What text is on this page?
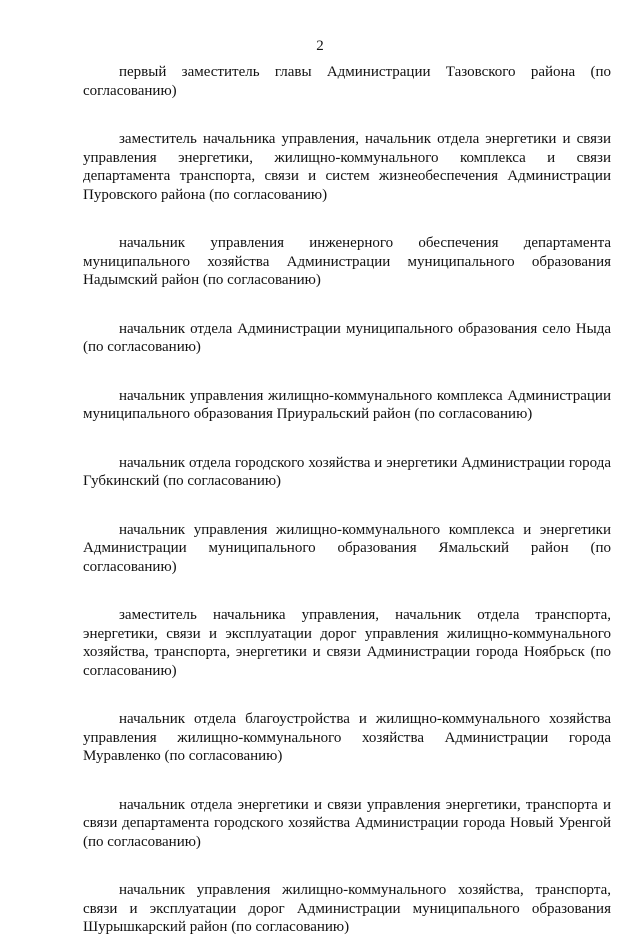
2

первый заместитель главы Администрации Тазовского района (по согласованию)

заместитель начальника управления, начальник отдела энергетики и связи управления энергетики, жилищно-коммунального комплекса и связи департамента транспорта, связи и систем жизнеобеспечения Администрации Пуровского района (по согласованию)

начальник управления инженерного обеспечения департамента муниципального хозяйства Администрации муниципального образования Надымский район (по согласованию)

начальник отдела Администрации муниципального образования село Ныда (по согласованию)

начальник управления жилищно-коммунального комплекса Администрации муниципального образования Приуральский район (по согласованию)

начальник отдела городского хозяйства и энергетики Администрации города Губкинский (по согласованию)

начальник управления жилищно-коммунального комплекса и энергетики Администрации муниципального образования Ямальский район (по согласованию)

заместитель начальника управления, начальник отдела транспорта, энергетики, связи и эксплуатации дорог управления жилищно-коммунального хозяйства, транспорта, энергетики и связи Администрации города Ноябрьск (по согласованию)

начальник отдела благоустройства и жилищно-коммунального хозяйства управления жилищно-коммунального хозяйства Администрации города Муравленко (по согласованию)

начальник отдела энергетики и связи управления энергетики, транспорта и связи департамента городского хозяйства Администрации города Новый Уренгой (по согласованию)

начальник управления жилищно-коммунального хозяйства, транспорта, связи и эксплуатации дорог Администрации муниципального образования Шурышкарский район (по согласованию)
